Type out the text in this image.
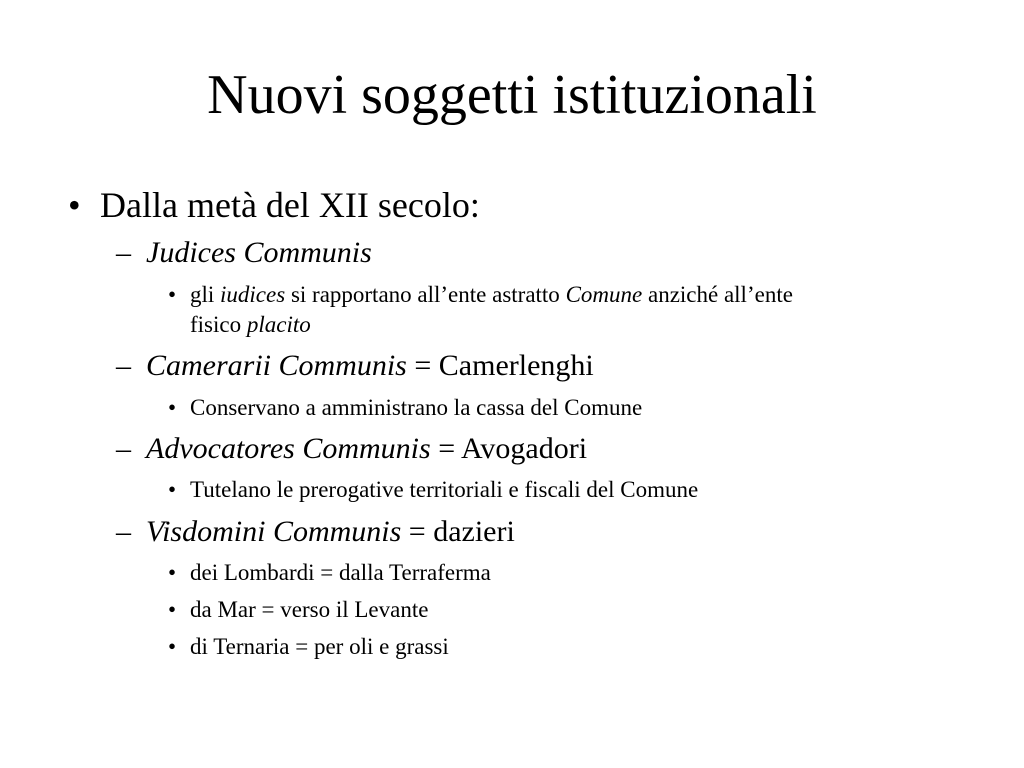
Nuovi soggetti istituzionali
• Dalla metà del XII secolo:
– Judices Communis
• gli iudices si rapportano all’ente astratto Comune anziché all’ente
fisico placito
– Camerarii Communis = Camerlenghi
• Conservano a amministrano la cassa del Comune
– Advocatores Communis = Avogadori
• Tutelano le prerogative territoriali e fiscali del Comune
– Visdomini Communis = dazieri
• dei Lombardi = dalla Terraferma
• da Mar = verso il Levante
• di Ternaria = per oli e grassi
